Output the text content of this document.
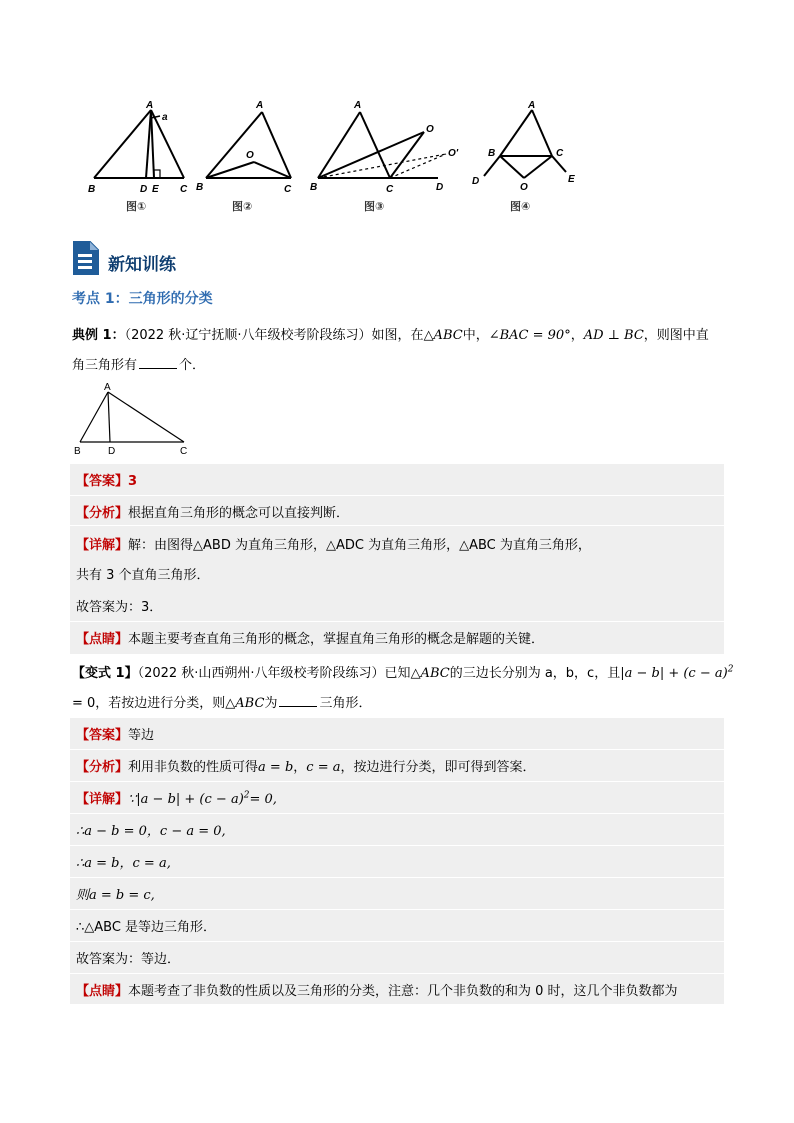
A
a
B	D E C
图①
A
O
B	C
图②
A
O
O'
B	C	D
图③
A
B	C
O
D	E
图④
新知训练
考点 1：三角形的分类
典例 1：（2022 秋·辽宁抚顺·八年级校考阶段练习）如图，在△ABC中，∠BAC = 90°，AD ⊥ BC，则图中直
角三角形有	个．
A
B	D	C
【答案】3
【分析】根据直角三角形的概念可以直接判断．
【详解】解：由图得△ABD 为直角三角形，△ADC 为直角三角形，△ABC 为直角三角形，
共有 3 个直角三角形．
故答案为：3．
【点睛】本题主要考查直角三角形的概念，掌握直角三角形的概念是解题的关键．
【变式 1】（2022 秋·山西朔州·八年级校考阶段练习）已知△ABC的三边长分别为 a，b，c，且$|a - b| + (c - a)^2$
= 0，若按边进行分类，则△ABC为	三角形．
【答案】等边
【分析】利用非负数的性质可得a = b，c = a，按边进行分类，即可得到答案．
【详解】∵|a − $b| + (c - a)^2= 0$,
∴a − b = 0，c − a = 0,
∴a = b，c = a,
则a = b = c,
∴△ABC 是等边三角形．
故答案为：等边．
【点睛】本题考查了非负数的性质以及三角形的分类，注意：几个非负数的和为 0 时，这几个非负数都为
